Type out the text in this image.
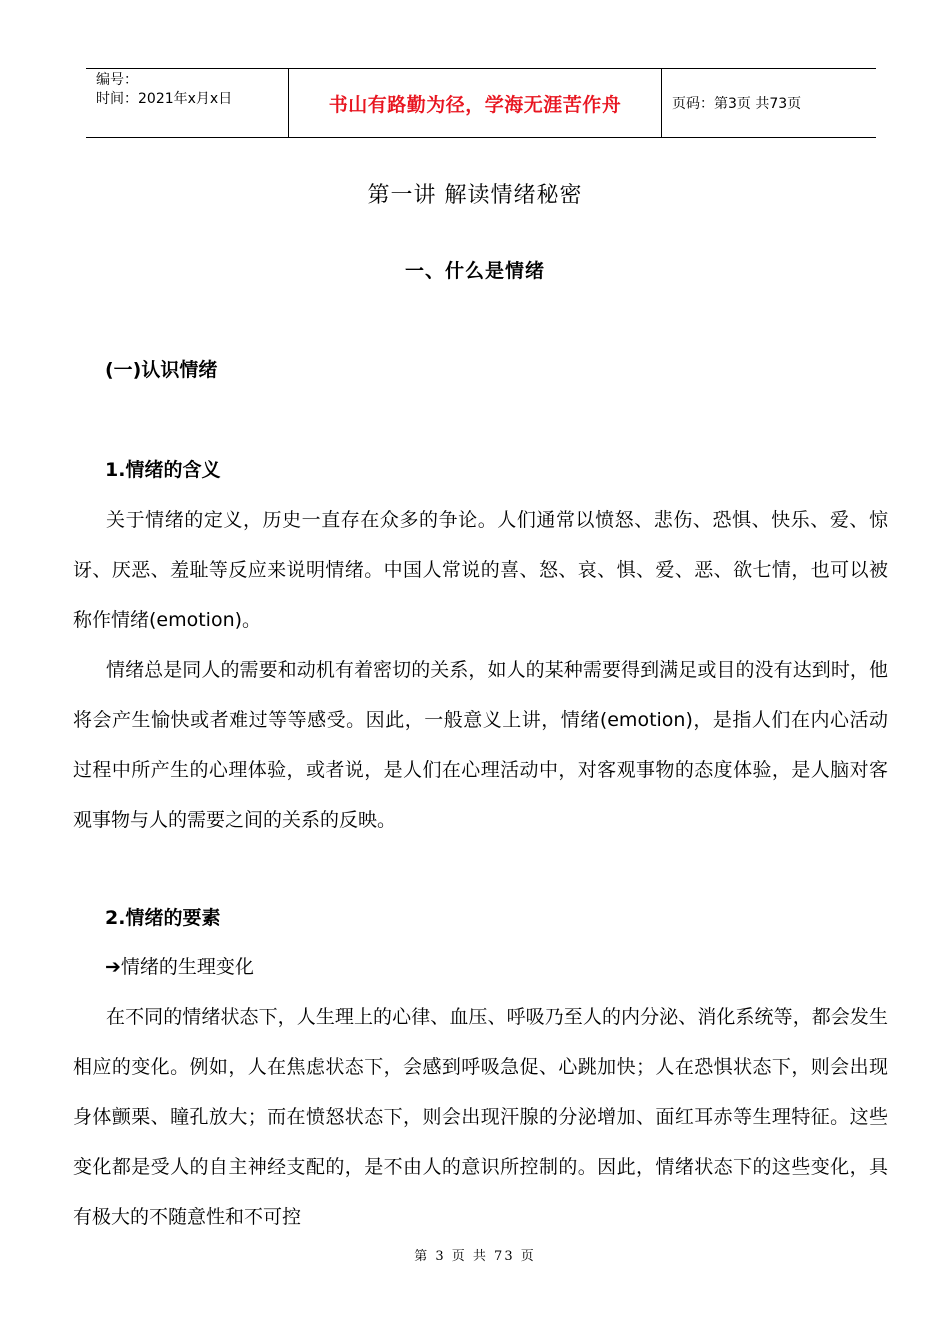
编号：
时间：2021年x月x日	书山有路勤为径，学海无涯苦作舟	页码：第3页 共73页
第一讲 解读情绪秘密
一、什么是情绪
(一)认识情绪
1.情绪的含义

关于情绪的定义，历史一直存在众多的争论。人们通常以愤怒、悲伤、恐惧、快乐、爱、惊讶、厌恶、羞耻等反应来说明情绪。中国人常说的喜、怒、哀、惧、爱、恶、欲七情，也可以被称作情绪(emotion)。

情绪总是同人的需要和动机有着密切的关系，如人的某种需要得到满足或目的没有达到时，他将会产生愉快或者难过等等感受。因此，一般意义上讲，情绪(emotion)，是指人们在内心活动过程中所产生的心理体验，或者说，是人们在心理活动中，对客观事物的态度体验，是人脑对客观事物与人的需要之间的关系的反映。

2.情绪的要素
➔情绪的生理变化

在不同的情绪状态下，人生理上的心律、血压、呼吸乃至人的内分泌、消化系统等，都会发生相应的变化。例如，人在焦虑状态下，会感到呼吸急促、心跳加快；人在恐惧状态下，则会出现身体颤栗、瞳孔放大；而在愤怒状态下，则会出现汗腺的分泌增加、面红耳赤等生理特征。这些变化都是受人的自主神经支配的，是不由人的意识所控制的。因此，情绪状态下的这些变化，具有极大的不随意性和不可控

第 3 页 共 73 页
